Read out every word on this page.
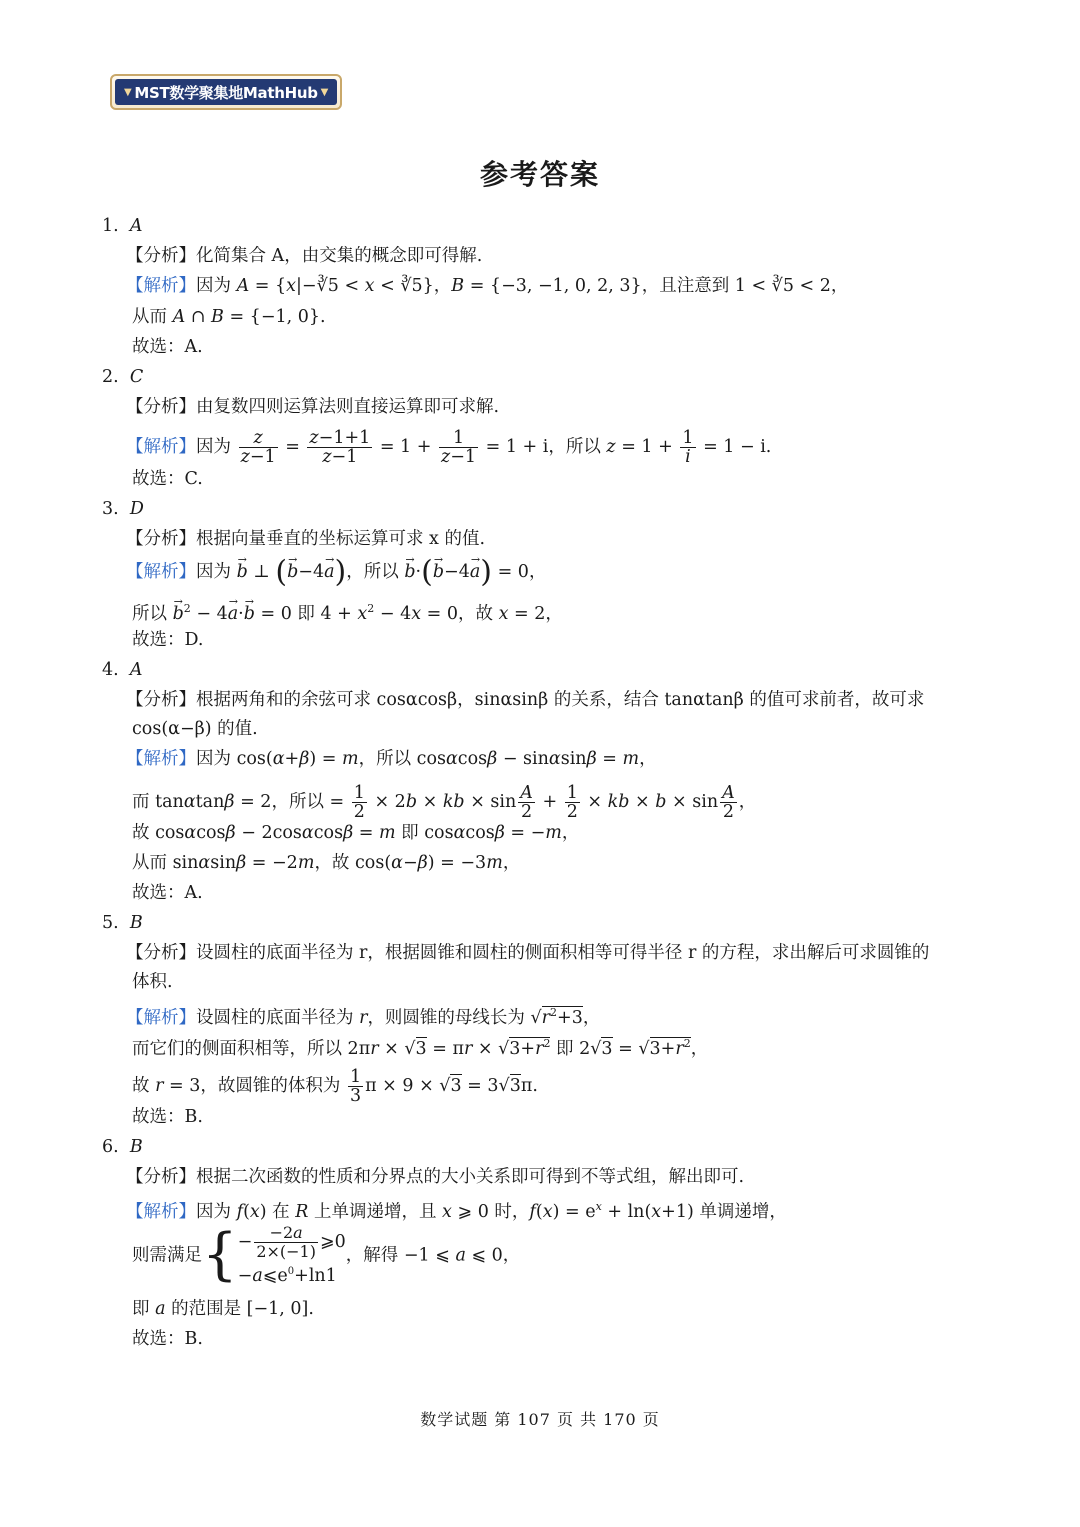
▼ MST数学聚集地MathHub ▼
参考答案
1. A
【分析】化简集合 A，由交集的概念即可得解.
【解析】因为 A = {x|−∛5 < x < ∛5}，B = {−3, −1, 0, 2, 3}，且注意到 1 < ∛5 < 2，
从而 A ∩ B = {−1, 0}.
故选：A.
2. C
【分析】由复数四则运算法则直接运算即可求解.
【解析】因为 $\frac{z}{z-1} = \frac{z-1+1}{z-1} = 1 + \frac{1}{z-1} = 1 + i$，所以 $z = 1 + \frac{1}{i} = 1 - i$.
故选：C.
3. D
【分析】根据向量垂直的坐标运算可求 x 的值.
【解析】因为 → b ⊥ (→ b−4→ a)，所以 → b·(→ b−4→ a) = 0，
所以 → $b^2 - 4\to a\cdot\to b = 0$ 即 $4 + x^2 - 4x = 0$，故 x = 2，
故选：D.
4. A
【分析】根据两角和的余弦可求 cosαcosβ，sinαsinβ 的关系，结合 tanαtanβ 的值可求前者，故可求
cos(α−β) 的值.
【解析】因为 cos(α+β) = m，所以 cosαcosβ − sinαsinβ = m，
而 tanαtanβ = 2，所以 = $\frac{1}{2} \times 2b$ × kb × $\sin \frac{A}{2} + \frac{1}{2}$ × kb × $b \times \sin \frac{A}{2}$ ，
故 cosαcosβ − 2cosαcosβ = m 即 cosαcosβ = −m，
从而 sinαsinβ = −2m，故 cos(α−β) = −3m，
故选：A.
5. B
【分析】设圆柱的底面半径为 r，根据圆锥和圆柱的侧面积相等可得半径 r 的方程，求出解后可求圆锥的
体积.
【解析】设圆柱的底面半径为 r，则圆锥的母线长为 $√r^2+3$，
而它们的侧面积相等，所以 $2\pi r \times √3 = \pi r \times √3+r^2$ 即 $2√3 = √3+r^2$，
故 r = 3，故圆锥的体积为 $\frac{1}{3}$ π × 9 × √3 = 3√3π.
故选：B.
6. B
【分析】根据二次函数的性质和分界点的大小关系即可得到不等式组，解出即可.
【解析】因为 f(x) 在 R 上单调递增，且 x ⩾ 0 时，$f(x) = e^x + \ln(x+1)$ 单调递增，
则需满足{ − $\frac{-2a}{2\times(-1)}$ ⩾0
$-a⩽e^0+\ln 1$
，解得 −1 ⩽ a ⩽ 0，
即 a 的范围是 [−1, 0].
故选：B.
数学试题 第 107 页 共 170 页
